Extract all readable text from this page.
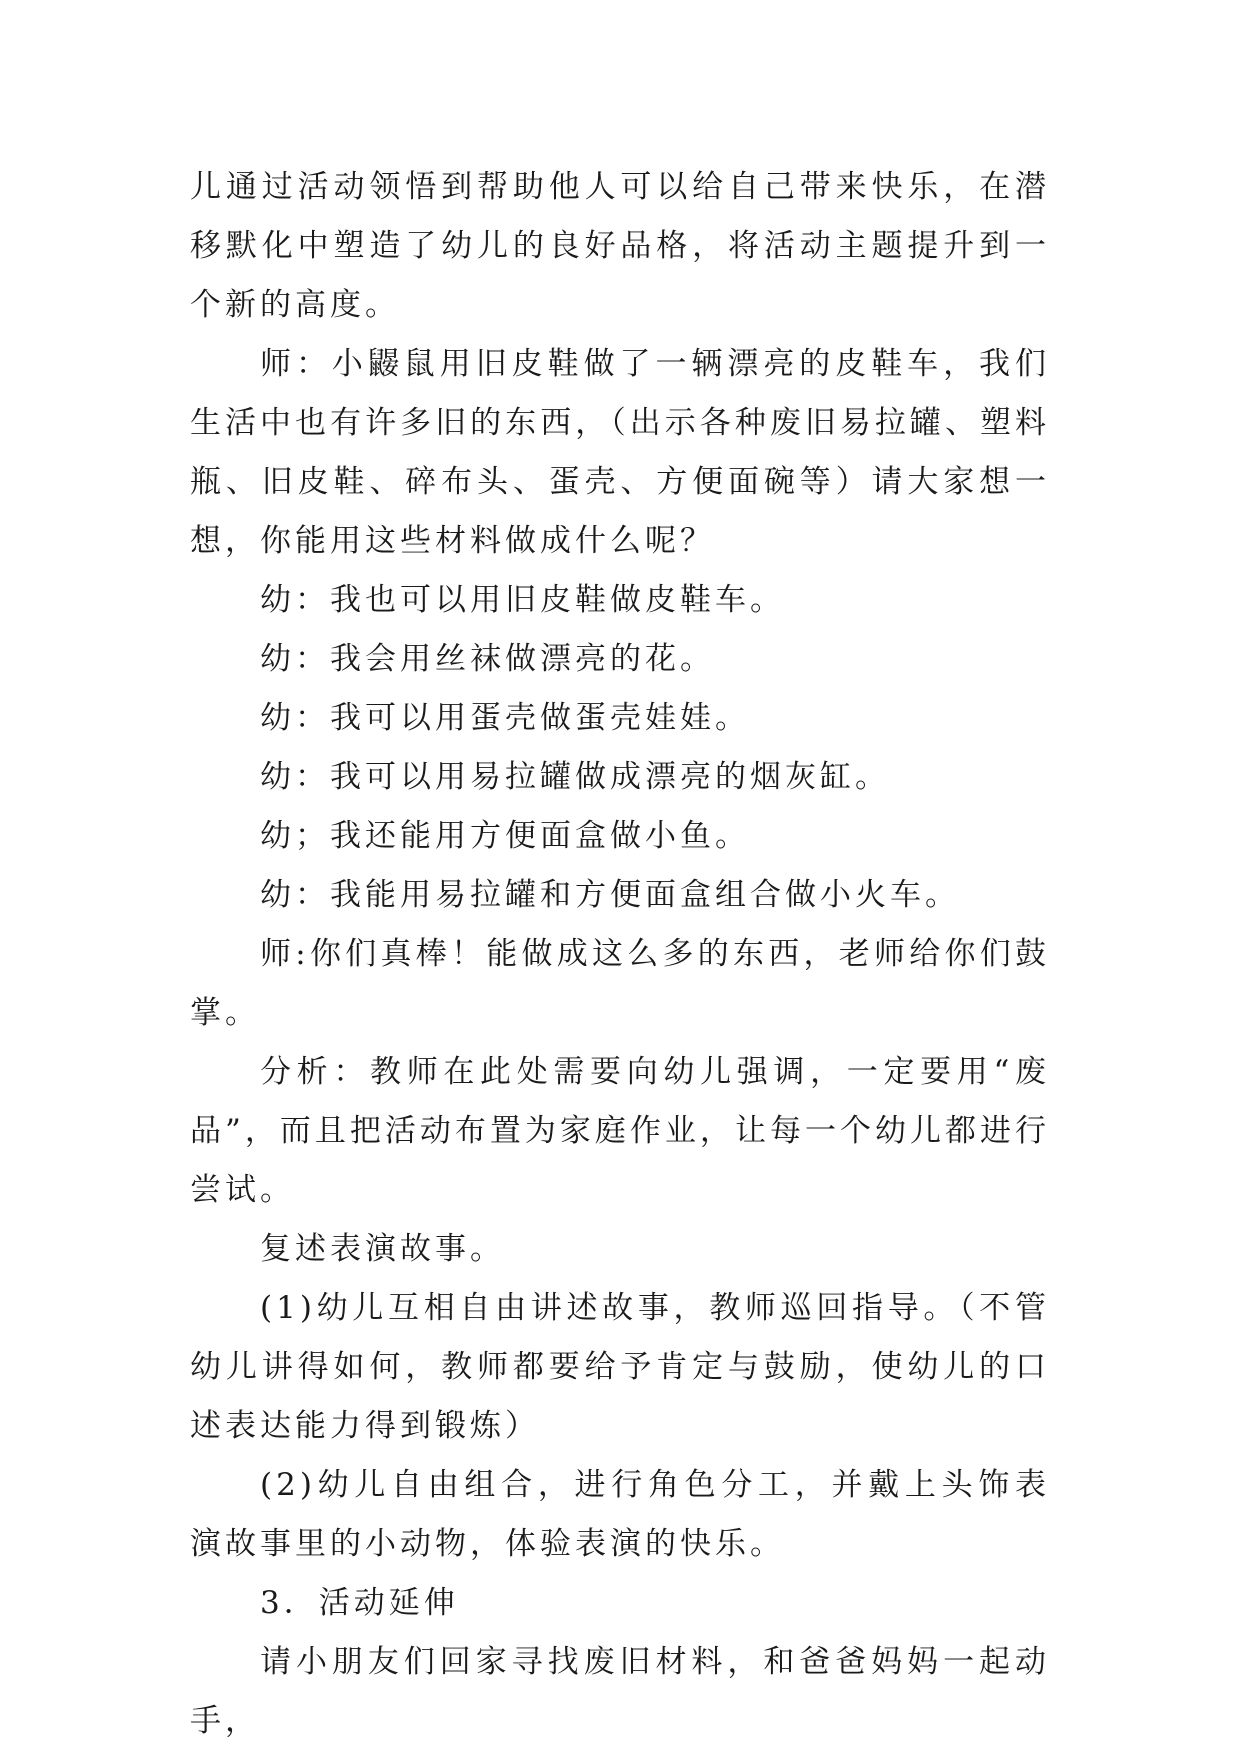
儿通过活动领悟到帮助他人可以给自己带来快乐，在潜移默化中塑造了幼儿的良好品格，将活动主题提升到一个新的高度。

师：小鼹鼠用旧皮鞋做了一辆漂亮的皮鞋车，我们生活中也有许多旧的东西，（出示各种废旧易拉罐、塑料瓶、旧皮鞋、碎布头、蛋壳、方便面碗等）请大家想一想，你能用这些材料做成什么呢？

幼：我也可以用旧皮鞋做皮鞋车。

幼：我会用丝袜做漂亮的花。

幼：我可以用蛋壳做蛋壳娃娃。

幼：我可以用易拉罐做成漂亮的烟灰缸。

幼；我还能用方便面盒做小鱼。

幼：我能用易拉罐和方便面盒组合做小火车。

师:你们真棒！能做成这么多的东西，老师给你们鼓掌。

分析：教师在此处需要向幼儿强调，一定要用“废品”，而且把活动布置为家庭作业，让每一个幼儿都进行尝试。

复述表演故事。

(1)幼儿互相自由讲述故事，教师巡回指导。（不管幼儿讲得如何，教师都要给予肯定与鼓励，使幼儿的口述表达能力得到锻炼）

(2)幼儿自由组合，进行角色分工，并戴上头饰表演故事里的小动物，体验表演的快乐。

3．活动延伸

请小朋友们回家寻找废旧材料，和爸爸妈妈一起动手，
